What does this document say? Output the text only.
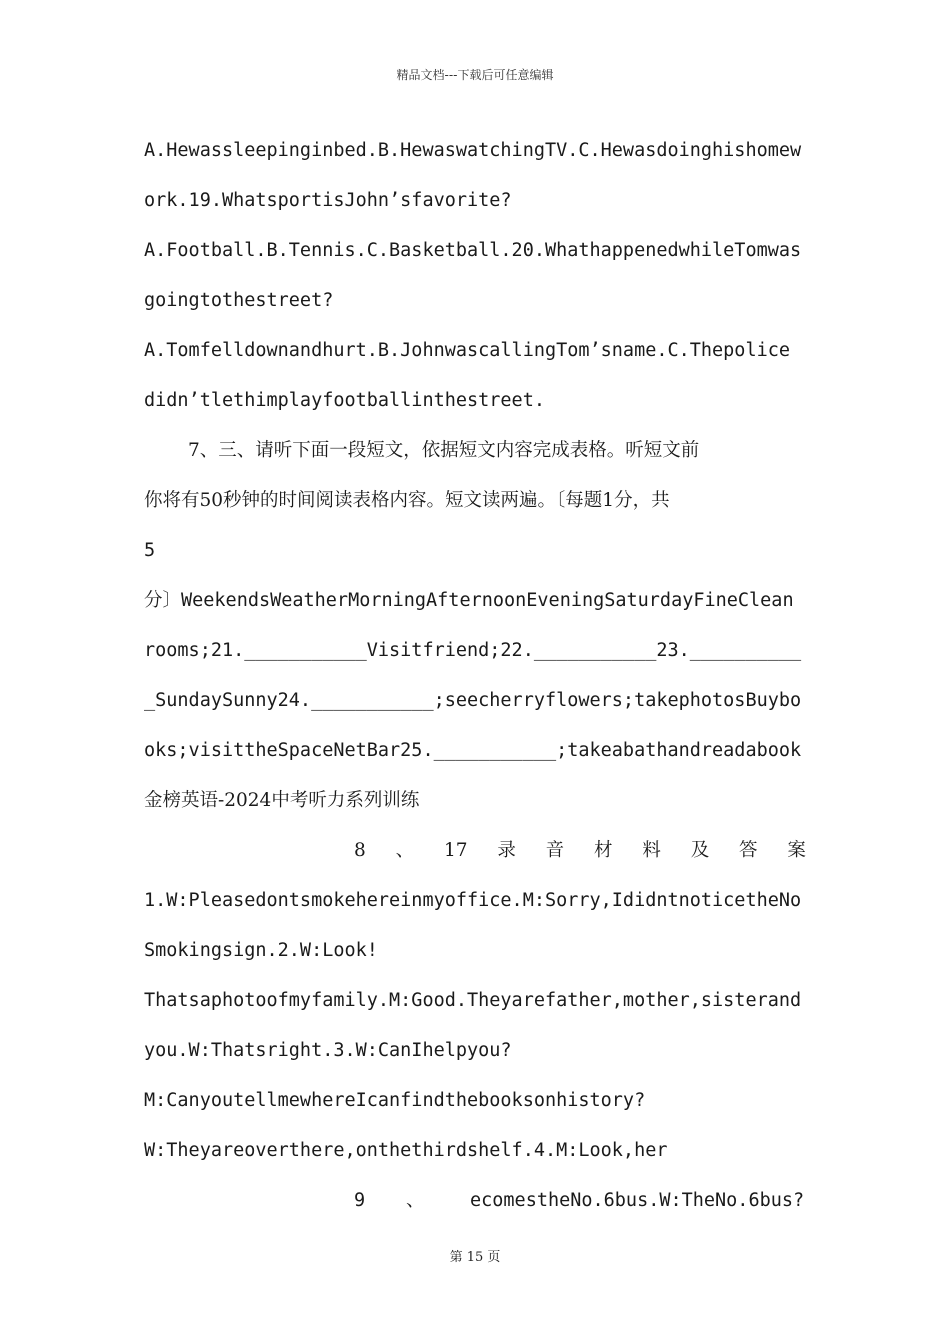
精品文档---下载后可任意编辑
A.Hewassleepinginbed.B.HewaswatchingTV.C.Hewasdoinghishomew
ork.19.WhatsportisJohn’sfavorite?
A.Football.B.Tennis.C.Basketball.20.WhathappenedwhileTomwas
goingtothestreet?
A.Tomfelldownandhurt.B.JohnwascallingTom’sname.C.Thepolice
didn’tlethimplayfootballinthestreet.
7、三、请听下面一段短文，依据短文内容完成表格。听短文前
你将有50秒钟的时间阅读表格内容。短文读两遍。〔每题1分，共
5
分〕WeekendsWeatherMorningAfternoonEveningSaturdayFineClean
rooms;21.___________Visitfriend;22.___________23.__________
_SundaySunny24.___________;seecherryflowers;takephotosBuybo
oks;visittheSpaceNetBar25.___________;takeabathandreadabook
金榜英语-2024中考听力系列训练
8 、 17 录 音 材 料 及 答 案
1.W:Pleasedontsmokehereinmyoffice.M:Sorry,IdidntnoticetheNo
Smokingsign.2.W:Look!
Thatsaphotoofmyfamily.M:Good.Theyarefather,mother,sisterand
you.W:Thatsright.3.W:CanIhelpyou?
M:CanyoutellmewhereIcanfindthebooksonhistory?
W:Theyareoverthere,onthethirdshelf.4.M:Look,her
9	、	ecomestheNo.6bus.W:TheNo.6bus?
第 15 页
